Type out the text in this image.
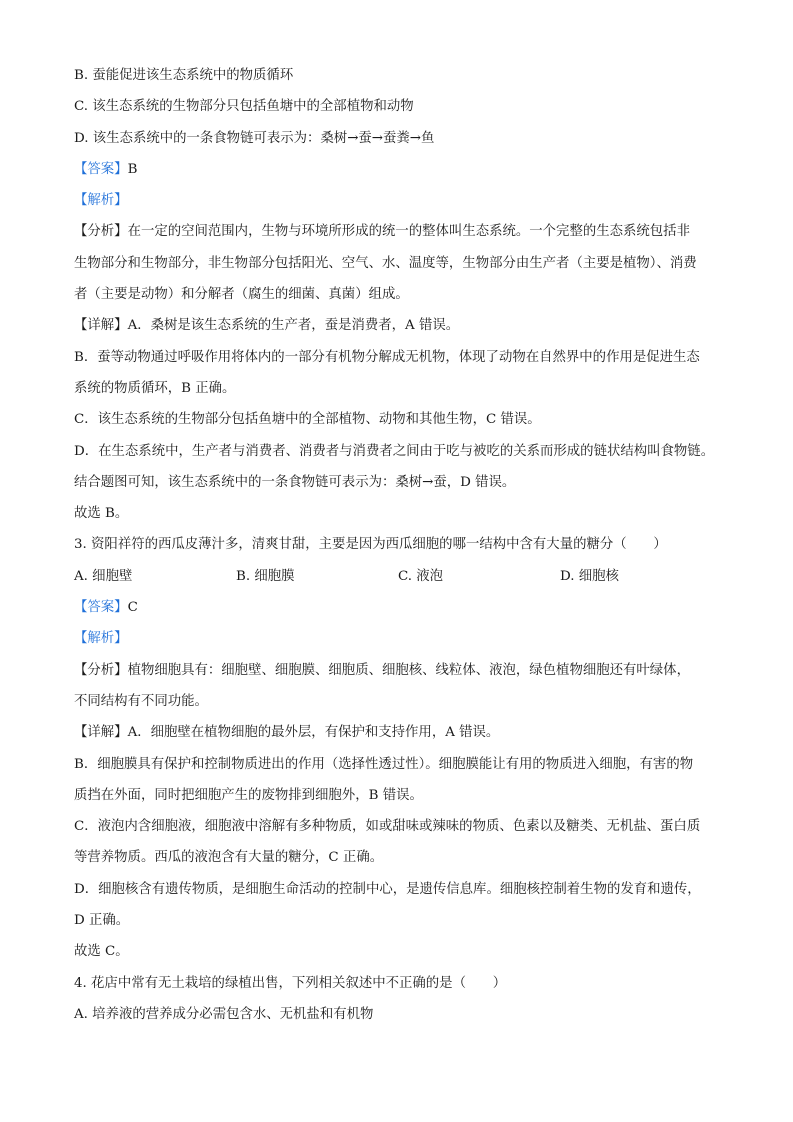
B. 蚕能促进该生态系统中的物质循环
C. 该生态系统的生物部分只包括鱼塘中的全部植物和动物
D. 该生态系统中的一条食物链可表示为：桑树→蚕→蚕粪→鱼
【答案】B
【解析】
【分析】在一定的空间范围内，生物与环境所形成的统一的整体叫生态系统。一个完整的生态系统包括非
生物部分和生物部分，非生物部分包括阳光、空气、水、温度等，生物部分由生产者（主要是植物）、消费
者（主要是动物）和分解者（腐生的细菌、真菌）组成。
【详解】A．桑树是该生态系统的生产者，蚕是消费者，A 错误。
B．蚕等动物通过呼吸作用将体内的一部分有机物分解成无机物，体现了动物在自然界中的作用是促进生态
系统的物质循环，B 正确。
C．该生态系统的生物部分包括鱼塘中的全部植物、动物和其他生物，C 错误。
D．在生态系统中，生产者与消费者、消费者与消费者之间由于吃与被吃的关系而形成的链状结构叫食物链。
结合题图可知，该生态系统中的一条食物链可表示为：桑树→蚕，D 错误。
故选 B。
3. 资阳祥符的西瓜皮薄汁多，清爽甘甜，主要是因为西瓜细胞的哪一结构中含有大量的糖分（　　）
A. 细胞壁	B. 细胞膜	C. 液泡	D. 细胞核
【答案】C
【解析】
【分析】植物细胞具有：细胞壁、细胞膜、细胞质、细胞核、线粒体、液泡，绿色植物细胞还有叶绿体，
不同结构有不同功能。
【详解】A．细胞壁在植物细胞的最外层，有保护和支持作用，A 错误。
B．细胞膜具有保护和控制物质进出的作用（选择性透过性）。细胞膜能让有用的物质进入细胞，有害的物
质挡在外面，同时把细胞产生的废物排到细胞外，B 错误。
C．液泡内含细胞液，细胞液中溶解有多种物质，如或甜味或辣味的物质、色素以及糖类、无机盐、蛋白质
等营养物质。西瓜的液泡含有大量的糖分，C 正确。
D．细胞核含有遗传物质，是细胞生命活动的控制中心，是遗传信息库。细胞核控制着生物的发育和遗传，
D 正确。
故选 C。
4. 花店中常有无土栽培的绿植出售，下列相关叙述中不正确的是（　　）
A. 培养液的营养成分必需包含水、无机盐和有机物
